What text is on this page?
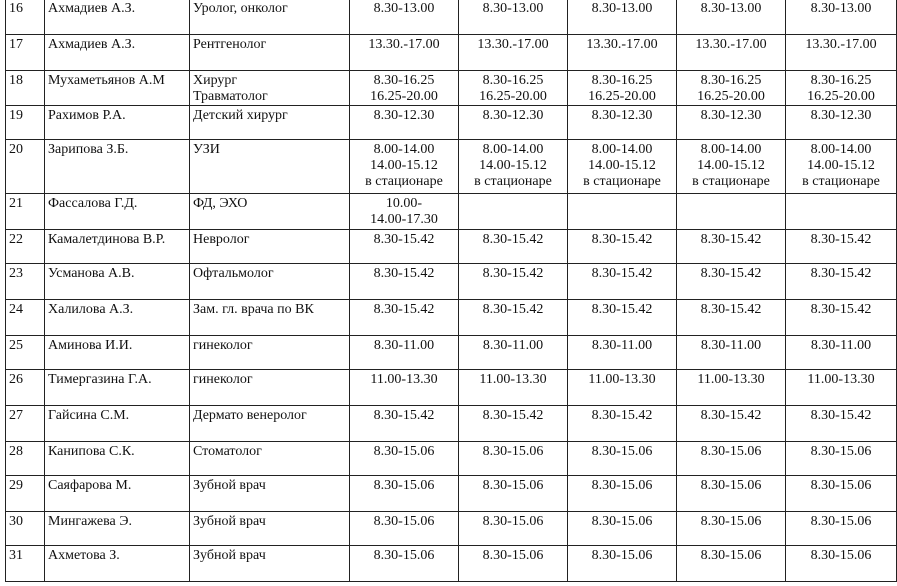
16	Ахмадиев А.З.	Уролог, онколог	8.30-13.00	8.30-13.00	8.30-13.00	8.30-13.00	8.30-13.00

17	Ахмадиев А.З.	Рентгенолог	13.30.-17.00	13.30.-17.00	13.30.-17.00	13.30.-17.00	13.30.-17.00

18	Мухаметьянов А.М	Хирург
Травматолог	8.30-16.25
16.25-20.00	8.30-16.25
16.25-20.00	8.30-16.25
16.25-20.00	8.30-16.25
16.25-20.00	8.30-16.25
16.25-20.00

19	Рахимов Р.А.	Детский хирург	8.30-12.30	8.30-12.30	8.30-12.30	8.30-12.30	8.30-12.30

20	Зарипова З.Б.	УЗИ	8.00-14.00
14.00-15.12
в стационаре	8.00-14.00
14.00-15.12
в стационаре	8.00-14.00
14.00-15.12
в стационаре	8.00-14.00
14.00-15.12
в стационаре	8.00-14.00
14.00-15.12
в стационаре

21	Фассалова Г.Д.	ФД, ЭХО	10.00-
14.00-17.30				

22	Камалетдинова В.Р.	Невролог	8.30-15.42	8.30-15.42	8.30-15.42	8.30-15.42	8.30-15.42

23	Усманова А.В.	Офтальмолог	8.30-15.42	8.30-15.42	8.30-15.42	8.30-15.42	8.30-15.42

24	Халилова А.З.	Зам. гл. врача по ВК	8.30-15.42	8.30-15.42	8.30-15.42	8.30-15.42	8.30-15.42

25	Аминова И.И.	гинеколог	8.30-11.00	8.30-11.00	8.30-11.00	8.30-11.00	8.30-11.00

26	Тимергазина Г.А.	гинеколог	11.00-13.30	11.00-13.30	11.00-13.30	11.00-13.30	11.00-13.30

27	Гайсина С.М.	Дермато венеролог	8.30-15.42	8.30-15.42	8.30-15.42	8.30-15.42	8.30-15.42

28	Канипова С.К.	Стоматолог	8.30-15.06	8.30-15.06	8.30-15.06	8.30-15.06	8.30-15.06

29	Саяфарова М.	Зубной врач	8.30-15.06	8.30-15.06	8.30-15.06	8.30-15.06	8.30-15.06

30	Мингажева Э.	Зубной врач	8.30-15.06	8.30-15.06	8.30-15.06	8.30-15.06	8.30-15.06

31	Ахметова З.	Зубной врач	8.30-15.06	8.30-15.06	8.30-15.06	8.30-15.06	8.30-15.06
